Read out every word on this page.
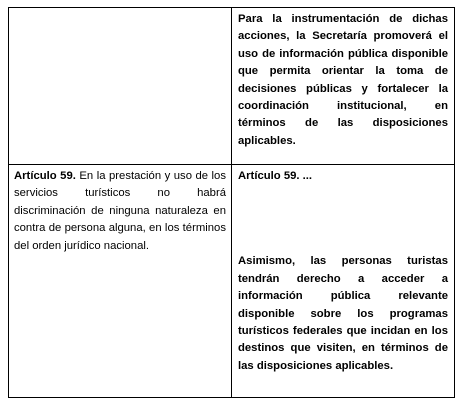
	Para la instrumentación de dichas acciones, la Secretaría promoverá el uso de información pública disponible que permita orientar la toma de decisiones públicas y fortalecer la coordinación institucional, en términos de las disposiciones aplicables.

Artículo 59. En la prestación y uso de los servicios turísticos no habrá discriminación de ninguna naturaleza en contra de persona alguna, en los términos del orden jurídico nacional.	Artículo 59. ...

Asimismo, las personas turistas tendrán derecho a acceder a información pública relevante disponible sobre los programas turísticos federales que incidan en los destinos que visiten, en términos de las disposiciones aplicables.
